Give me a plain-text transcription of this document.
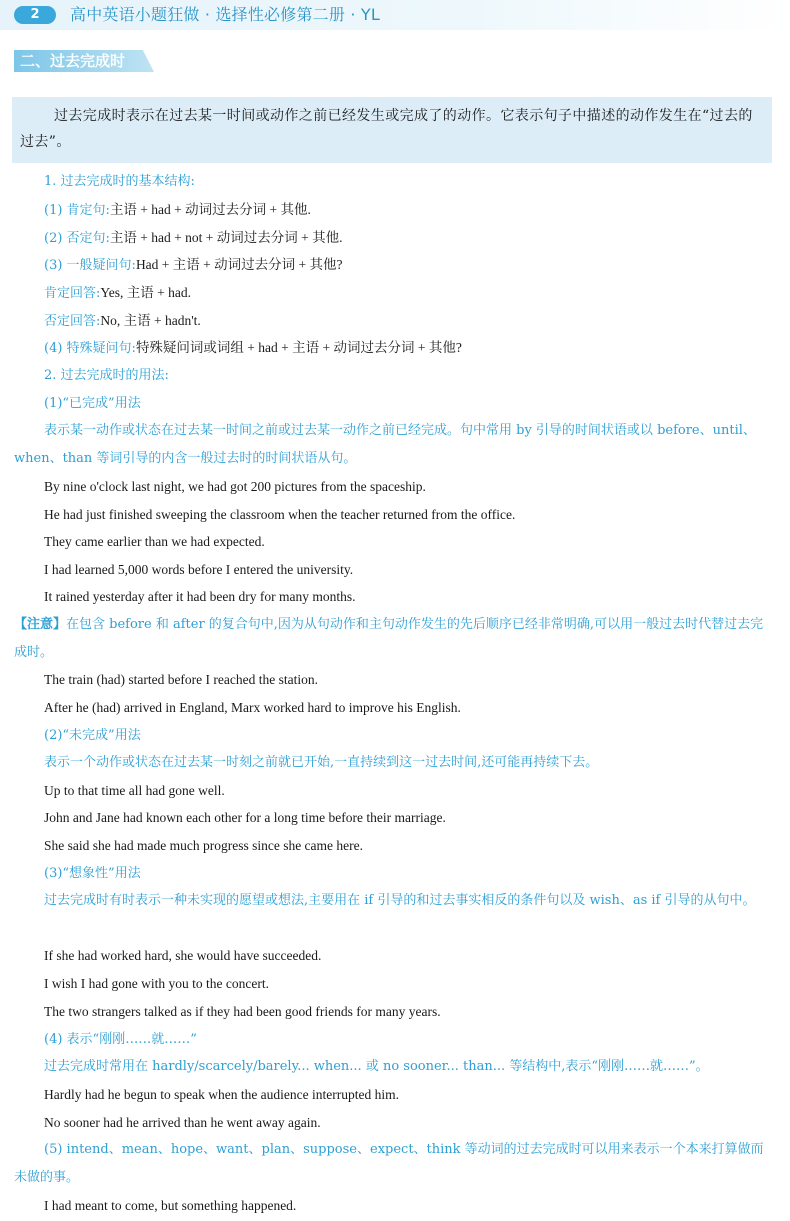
2	高中英语小题狂做 · 选择性必修第二册 · YL
二、过去完成时

过去完成时表示在过去某一时间或动作之前已经发生或完成了的动作。它表示句子中描述的动作发生在“过去的过去”。

1. 过去完成时的基本结构:
(1) 肯定句:主语 + had + 动词过去分词 + 其他.
(2) 否定句:主语 + had + not + 动词过去分词 + 其他.
(3) 一般疑问句:Had + 主语 + 动词过去分词 + 其他?
肯定回答:Yes, 主语 + had.
否定回答:No, 主语 + hadn't.
(4) 特殊疑问句:特殊疑问词或词组 + had + 主语 + 动词过去分词 + 其他?
2. 过去完成时的用法:
(1)“已完成”用法
表示某一动作或状态在过去某一时间之前或过去某一动作之前已经完成。句中常用 by 引导的时间状语或以 before、until、when、than 等词引导的内含一般过去时的时间状语从句。
By nine o'clock last night, we had got 200 pictures from the spaceship.
He had just finished sweeping the classroom when the teacher returned from the office.
They came earlier than we had expected.
I had learned 5,000 words before I entered the university.
It rained yesterday after it had been dry for many months.
【注意】在包含 before 和 after 的复合句中,因为从句动作和主句动作发生的先后顺序已经非常明确,可以用一般过去时代替过去完成时。
The train (had) started before I reached the station.
After he (had) arrived in England, Marx worked hard to improve his English.
(2)“未完成”用法
表示一个动作或状态在过去某一时刻之前就已开始,一直持续到这一过去时间,还可能再持续下去。
Up to that time all had gone well.
John and Jane had known each other for a long time before their marriage.
She said she had made much progress since she came here.
(3)“想象性”用法
过去完成时有时表示一种未实现的愿望或想法,主要用在 if 引导的和过去事实相反的条件句以及 wish、as if 引导的从句中。
If she had worked hard, she would have succeeded.
I wish I had gone with you to the concert.
The two strangers talked as if they had been good friends for many years.
(4) 表示“刚刚……就……”
过去完成时常用在 hardly/scarcely/barely... when... 或 no sooner... than... 等结构中,表示“刚刚……就……”。
Hardly had he begun to speak when the audience interrupted him.
No sooner had he arrived than he went away again.
(5) intend、mean、hope、want、plan、suppose、expect、think 等动词的过去完成时可以用来表示一个本来打算做而未做的事。
I had meant to come, but something happened.
